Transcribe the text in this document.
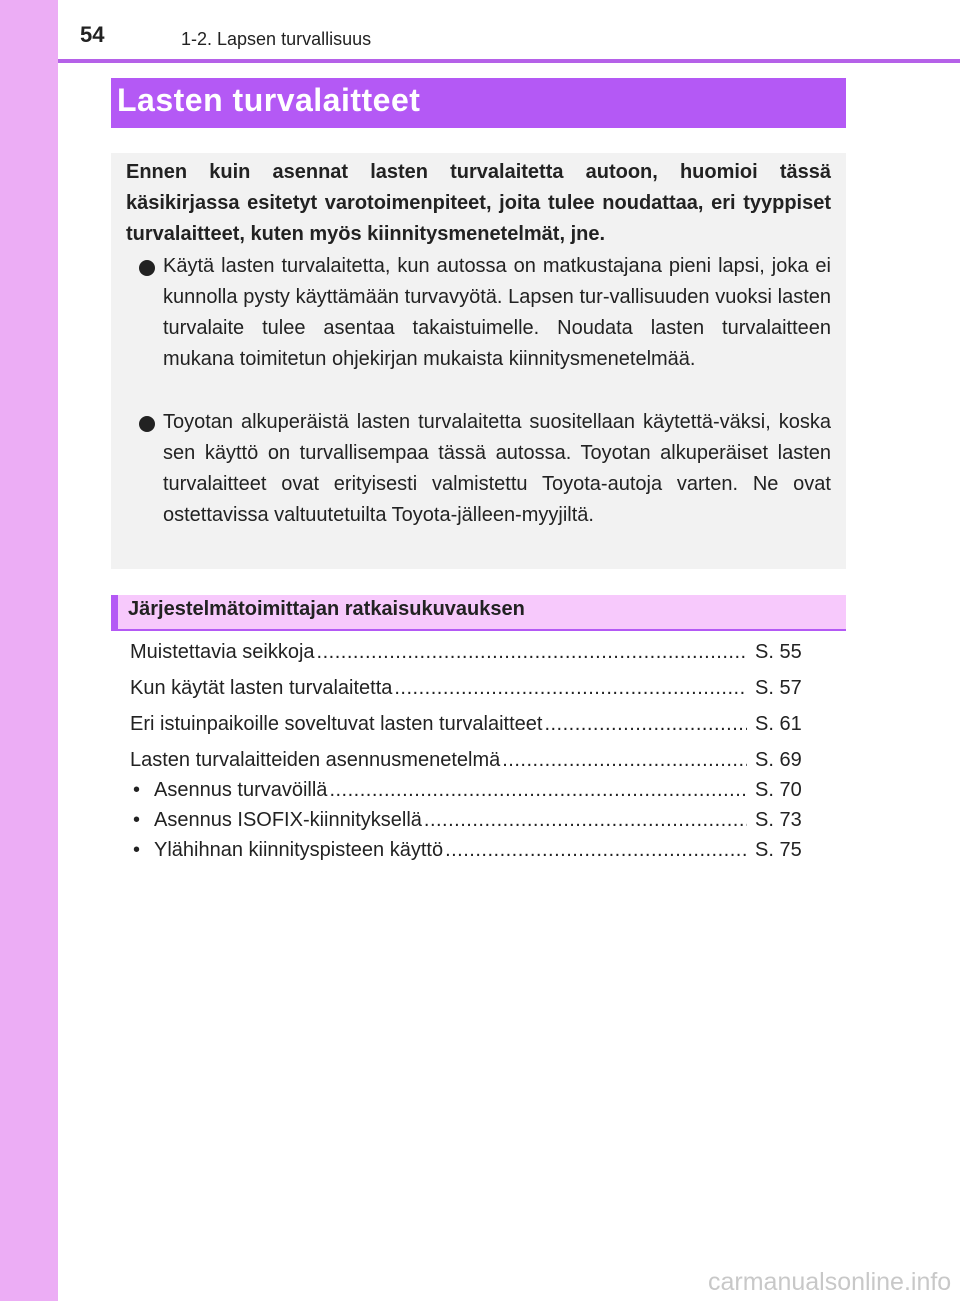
54	1-2. Lapsen turvallisuus
Lasten turvalaitteet
Ennen kuin asennat lasten turvalaitetta autoon, huomioi tässä käsikirjassa esitetyt varotoimenpiteet, joita tulee noudattaa, eri tyyppiset turvalaitteet, kuten myös kiinnitysmenetelmät, jne.
Käytä lasten turvalaitetta, kun autossa on matkustajana pieni lapsi, joka ei kunnolla pysty käyttämään turvavyötä. Lapsen tur-vallisuuden vuoksi lasten turvalaite tulee asentaa takaistuimelle. Noudata lasten turvalaitteen mukana toimitetun ohjekirjan mukaista kiinnitysmenetelmää.
Toyotan alkuperäistä lasten turvalaitetta suositellaan käytettä-väksi, koska sen käyttö on turvallisempaa tässä autossa. Toyotan alkuperäiset lasten turvalaitteet ovat erityisesti valmistettu Toyota-autoja varten. Ne ovat ostettavissa valtuutetuilta Toyota-jälleen-myyjiltä.
Järjestelmätoimittajan ratkaisukuvauksen
Muistettavia seikkoja .....	S. 55
Kun käytät lasten turvalaitetta .....	S. 57
Eri istuinpaikoille soveltuvat lasten turvalaitteet .....	S. 61
Lasten turvalaitteiden asennusmenetelmä .....	S. 69
• Asennus turvavöillä .....	S. 70
• Asennus ISOFIX-kiinnityksellä .....	S. 73
• Ylähihnan kiinnityspisteen käyttö .....	S. 75
carmanualsonline.info
